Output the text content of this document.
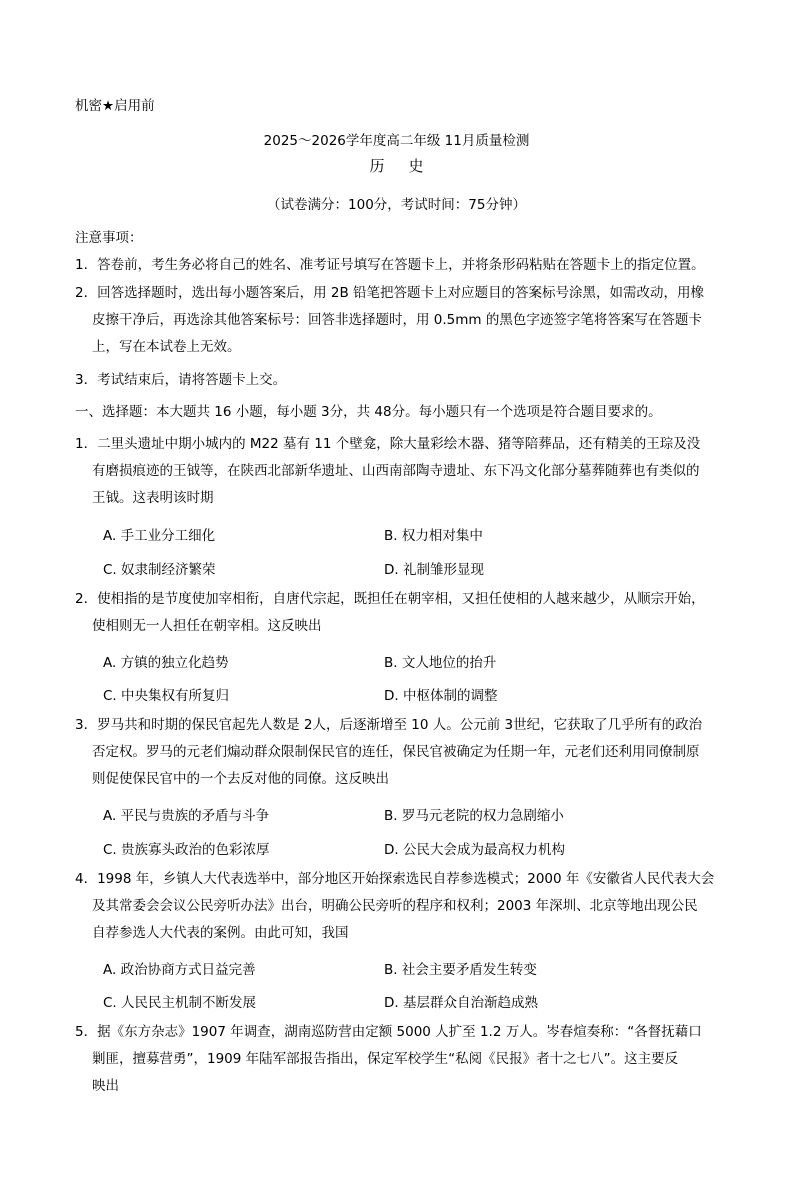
机密★启用前
2025～2026学年度高二年级 11月质量检测
历史
（试卷满分：100分，考试时间：75分钟）
注意事项：
1．答卷前，考生务必将自己的姓名、准考证号填写在答题卡上，并将条形码粘贴在答题卡上的指定位置。
2．回答选择题时，选出每小题答案后，用 2B 铅笔把答题卡上对应题目的答案标号涂黑，如需改动，用橡
皮擦干净后，再选涂其他答案标号：回答非选择题时，用 0.5mm 的黑色字迹签字笔将答案写在答题卡
上，写在本试卷上无效。
3．考试结束后，请将答题卡上交。
一、选择题：本大题共 16 小题，每小题 3分，共 48分。每小题只有一个选项是符合题目要求的。
1．二里头遗址中期小城内的 M22 墓有 11 个壁龛，除大量彩绘木器、猪等陪葬品，还有精美的王琮及没
有磨损痕迹的王钺等，在陕西北部新华遗址、山西南部陶寺遗址、东下冯文化部分墓葬随葬也有类似的
王钺。这表明该时期
A. 手工业分工细化	B. 权力相对集中
C. 奴隶制经济繁荣	D. 礼制雏形显现
2．使相指的是节度使加宰相衔，自唐代宗起，既担任在朝宰相，又担任使相的人越来越少，从顺宗开始，
使相则无一人担任在朝宰相。这反映出
A. 方镇的独立化趋势	B. 文人地位的抬升
C. 中央集权有所复归	D. 中枢体制的调整
3．罗马共和时期的保民官起先人数是 2人，后逐渐增至 10 人。公元前 3世纪，它获取了几乎所有的政治
否定权。罗马的元老们煽动群众限制保民官的连任，保民官被确定为任期一年，元老们还利用同僚制原
则促使保民官中的一个去反对他的同僚。这反映出
A. 平民与贵族的矛盾与斗争	B. 罗马元老院的权力急剧缩小
C. 贵族寡头政治的色彩浓厚	D. 公民大会成为最高权力机构
4．1998 年，乡镇人大代表选举中，部分地区开始探索选民自荐参选模式；2000 年《安徽省人民代表大会
及其常委会会议公民旁听办法》出台，明确公民旁听的程序和权利；2003 年深圳、北京等地出现公民
自荐参选人大代表的案例。由此可知，我国
A. 政治协商方式日益完善	B. 社会主要矛盾发生转变
C. 人民民主机制不断发展	D. 基层群众自治渐趋成熟
5．据《东方杂志》1907 年调查，湖南巡防营由定额 5000 人扩至 1.2 万人。岑春煊奏称：“各督抚藉口
剿匪，擅募营勇”，1909 年陆军部报告指出，保定军校学生“私阅《民报》者十之七八”。这主要反
映出
